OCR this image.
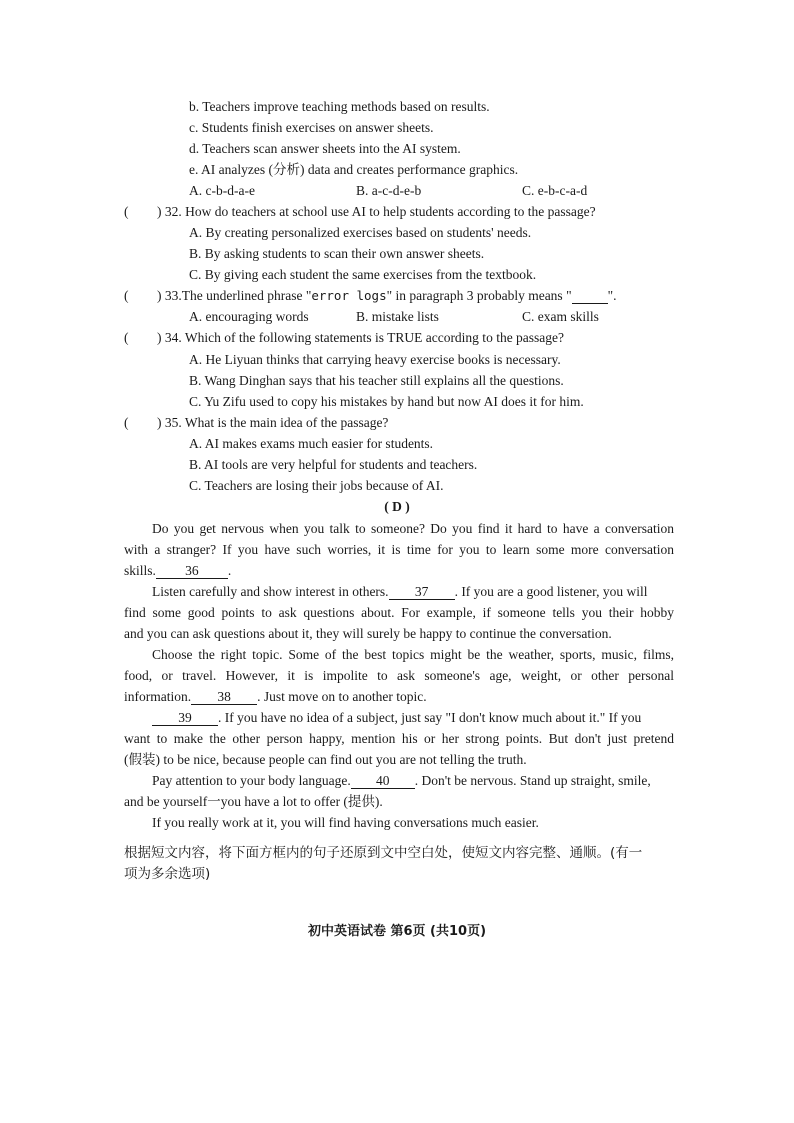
b. Teachers improve teaching methods based on results.
c. Students finish exercises on answer sheets.
d. Teachers scan answer sheets into the AI system.
e. AI analyzes (分析) data and creates performance graphics.
A. c-b-d-a-e	B. a-c-d-e-b	C. e-b-c-a-d
( ) 32. How do teachers at school use AI to help students according to the passage?
A. By creating personalized exercises based on students' needs.
B. By asking students to scan their own answer sheets.
C. By giving each student the same exercises from the textbook.
( ) 33.The underlined phrase "error logs" in paragraph 3 probably means "	".
A. encouraging words	B. mistake lists	C. exam skills
( ) 34. Which of the following statements is TRUE according to the passage?
A. He Liyuan thinks that carrying heavy exercise books is necessary.
B. Wang Dinghan says that his teacher still explains all the questions.
C. Yu Zifu used to copy his mistakes by hand but now AI does it for him.
( ) 35. What is the main idea of the passage?
A. AI makes exams much easier for students.
B. AI tools are very helpful for students and teachers.
C. Teachers are losing their jobs because of AI.
( D )
Do you get nervous when you talk to someone? Do you find it hard to have a conversation
with a stranger? If you have such worries, it is time for you to learn some more conversation
skills. 36 .
Listen carefully and show interest in others. 37 . If you are a good listener, you will
find some good points to ask questions about. For example, if someone tells you their hobby
and you can ask questions about it, they will surely be happy to continue the conversation.
Choose the right topic. Some of the best topics might be the weather, sports, music, films,
food, or travel. However, it is impolite to ask someone's age, weight, or other personal
information. 38 . Just move on to another topic.
39 . If you have no idea of a subject, just say "I don't know much about it." If you
want to make the other person happy, mention his or her strong points. But don't just pretend
(假装) to be nice, because people can find out you are not telling the truth.
Pay attention to your body language. 40 . Don't be nervous. Stand up straight, smile,
and be yourself一you have a lot to offer (提供).
If you really work at it, you will find having conversations much easier.
根据短文内容，将下面方框内的句子还原到文中空白处，使短文内容完整、通顺。(有一
项为多余选项)
初中英语试卷 第6页 (共10页)
